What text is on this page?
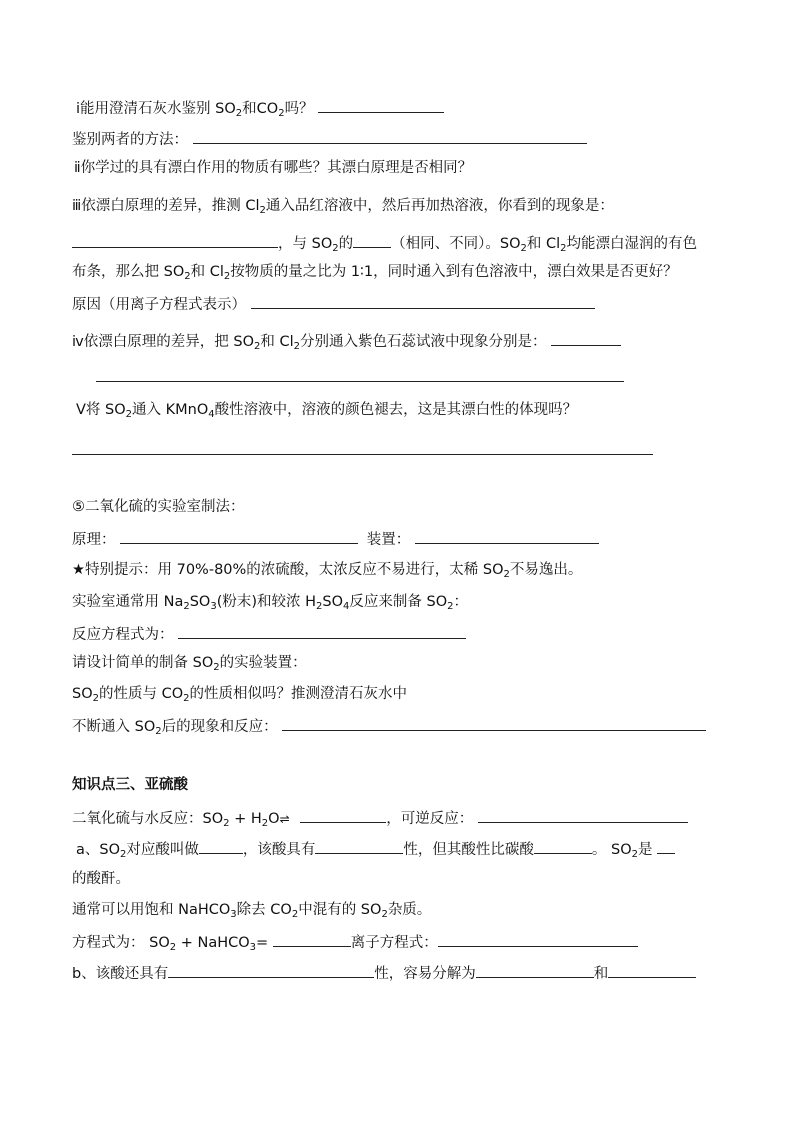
ⅰ能用澄清石灰水鉴别 $SO_2$和$CO_2$吗？
鉴别两者的方法：
ⅱ你学过的具有漂白作用的物质有哪些？其漂白原理是否相同？
ⅲ依漂白原理的差异，推测 $Cl_2$通入品红溶液中，然后再加热溶液，你看到的现象是：
，与 $SO_2$的	（相同、不同）。$SO_2$和 $Cl_2$均能漂白湿润的有色
布条，那么把 $SO_2$和 $Cl_2$按物质的量之比为 1∶1，同时通入到有色溶液中，漂白效果是否更好？
原因（用离子方程式表示）
ⅳ依漂白原理的差异，把 $SO_2$和 $Cl_2$分别通入紫色石蕊试液中现象分别是：
Ⅴ将 $SO_2$通入 KMnO$_4$酸性溶液中，溶液的颜色褪去，这是其漂白性的体现吗？
⑤二氧化硫的实验室制法：
原理：	装置：
★特别提示：用 70%-80%的浓硫酸，太浓反应不易进行，太稀 $SO_2$不易逸出。
实验室通常用 $Na_2SO_3$(粉末)和较浓 $H_2SO_4$反应来制备 $SO_2$：
反应方程式为：
请设计简单的制备 $SO_2$的实验装置：
$SO_2$的性质与 $CO_2$的性质相似吗？推测澄清石灰水中
不断通入 $SO_2$后的现象和反应：
知识点三、亚硫酸
二氧化硫与水反应：$SO_2$ + $H_2O\rightleftharpoons$	，可逆反应：
a、$SO_2$对应酸叫做	，该酸具有	性，但其酸性比碳酸	。 $SO_2$是
的酸酐。
通常可以用饱和 NaHCO$_3$除去 $CO_2$中混有的 $SO_2$杂质。
方程式为： $SO_2$ + NaHCO$_3$=	离子方程式：
b、该酸还具有	性，容易分解为	和
